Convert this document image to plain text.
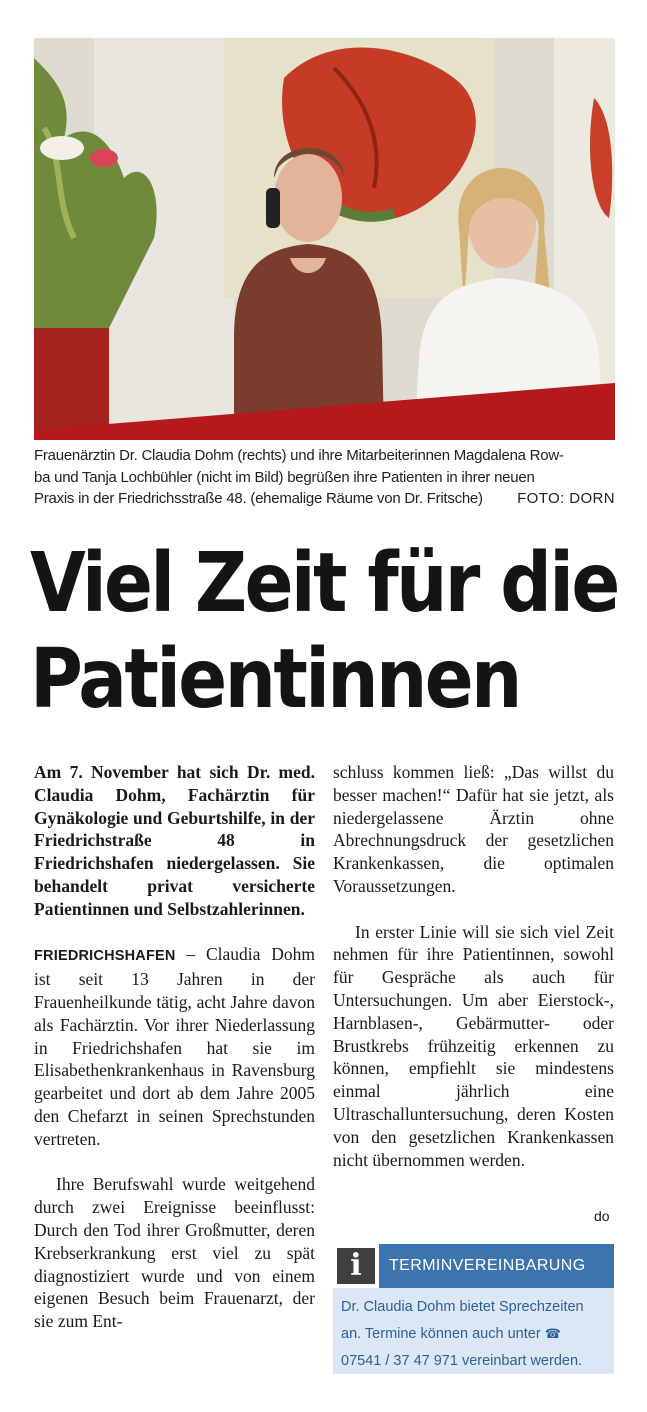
Frauenärztin Dr. Claudia Dohm (rechts) und ihre Mitarbeiterinnen Magdalena Row-
ba und Tanja Lochbühler (nicht im Bild) begrüßen ihre Patienten in ihrer neuen
Praxis in der Friedrichsstraße 48. (ehemalige Räume von Dr. Fritsche) FOTO: DORN
Viel Zeit für die
Patientinnen

Am 7. November hat sich Dr. med. Claudia Dohm, Fachärztin für Gynäkologie und Geburtshilfe, in der Friedrichstraße 48 in Friedrichshafen niedergelassen. Sie behandelt privat versicherte Patientinnen und Selbstzahlerinnen.

FRIEDRICHSHAFEN – Claudia Dohm ist seit 13 Jahren in der Frauenheilkunde tätig, acht Jahre davon als Fachärztin. Vor ihrer Niederlassung in Friedrichshafen hat sie im Elisabethenkrankenhaus in Ravensburg gearbeitet und dort ab dem Jahre 2005 den Chefarzt in seinen Sprechstunden vertreten.

Ihre Berufswahl wurde weitgehend durch zwei Ereignisse beeinflusst: Durch den Tod ihrer Großmutter, deren Krebserkrankung erst viel zu spät diagnostiziert wurde und von einem eigenen Besuch beim Frauenarzt, der sie zum Ent-

schluss kommen ließ: „Das willst du besser machen!“ Dafür hat sie jetzt, als niedergelassene Ärztin ohne Abrechnungsdruck der gesetzlichen Krankenkassen, die optimalen Voraussetzungen.

In erster Linie will sie sich viel Zeit nehmen für ihre Patientinnen, sowohl für Gespräche als auch für Untersuchungen. Um aber Eierstock-, Harnblasen-, Gebärmutter- oder Brustkrebs frühzeitig erkennen zu können, empfiehlt sie mindestens einmal jährlich eine Ultraschalluntersuchung, deren Kosten von den gesetzlichen Krankenkassen nicht übernommen werden.

do
i	TERMINVEREINBARUNG
Dr. Claudia Dohm bietet Sprechzeiten
an. Termine können auch unter ☎
07541 / 37 47 971 vereinbart werden.
